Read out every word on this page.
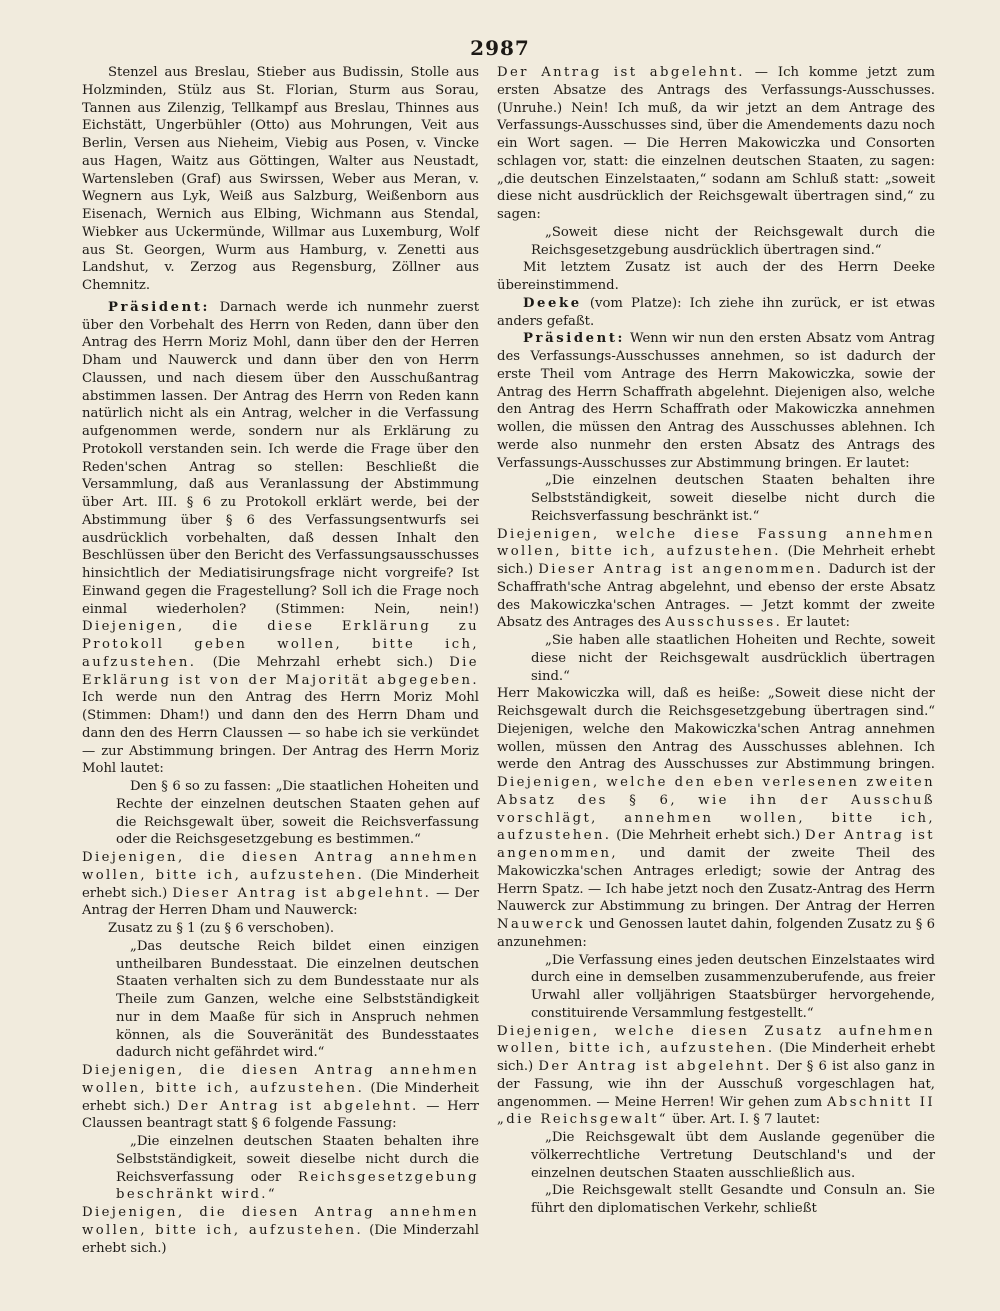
2987

Stenzel aus Breslau, Stieber aus Budissin, Stolle aus Holzminden, Stülz aus St. Florian, Sturm aus Sorau, Tannen aus Zilenzig, Tellkampf aus Breslau, Thinnes aus Eichstätt, Ungerbühler (Otto) aus Mohrungen, Veit aus Berlin, Versen aus Nieheim, Viebig aus Posen, v. Vincke aus Hagen, Waitz aus Göttingen, Walter aus Neustadt, Wartensleben (Graf) aus Swirssen, Weber aus Meran, v. Wegnern aus Lyk, Weiß aus Salzburg, Weißenborn aus Eisenach, Wernich aus Elbing, Wichmann aus Stendal, Wiebker aus Uckermünde, Willmar aus Luxemburg, Wolf aus St. Georgen, Wurm aus Hamburg, v. Zenetti aus Landshut, v. Zerzog aus Regensburg, Zöllner aus Chemnitz.

Präsident: Darnach werde ich nunmehr zuerst über den Vorbehalt des Herrn von Reden, dann über den Antrag des Herrn Moriz Mohl, dann über den der Herren Dham und Nauwerck und dann über den von Herrn Claussen, und nach diesem über den Ausschußantrag abstimmen lassen. Der Antrag des Herrn von Reden kann natürlich nicht als ein Antrag, welcher in die Verfassung aufgenommen werde, sondern nur als Erklärung zu Protokoll verstanden sein. Ich werde die Frage über den Reden'schen Antrag so stellen: Beschließt die Versammlung, daß aus Veranlassung der Abstimmung über Art. III. § 6 zu Protokoll erklärt werde, bei der Abstimmung über § 6 des Verfassungsentwurfs sei ausdrücklich vorbehalten, daß dessen Inhalt den Beschlüssen über den Bericht des Verfassungsausschusses hinsichtlich der Mediatisirungsfrage nicht vorgreife? Ist Einwand gegen die Fragestellung? Soll ich die Frage noch einmal wiederholen? (Stimmen: Nein, nein!) Diejenigen, die diese Erklärung zu Protokoll geben wollen, bitte ich, aufzustehen. (Die Mehrzahl erhebt sich.) Die Erklärung ist von der Majorität abgegeben. Ich werde nun den Antrag des Herrn Moriz Mohl (Stimmen: Dham!) und dann den des Herrn Dham und dann den des Herrn Claussen — so habe ich sie verkündet — zur Abstimmung bringen. Der Antrag des Herrn Moriz Mohl lautet:

Den § 6 so zu fassen: „Die staatlichen Hoheiten und Rechte der einzelnen deutschen Staaten gehen auf die Reichsgewalt über, soweit die Reichsverfassung oder die Reichsgesetzgebung es bestimmen.“

Diejenigen, die diesen Antrag annehmen wollen, bitte ich, aufzustehen. (Die Minderheit erhebt sich.) Dieser Antrag ist abgelehnt. — Der Antrag der Herren Dham und Nauwerck:

Zusatz zu § 1 (zu § 6 verschoben).

„Das deutsche Reich bildet einen einzigen untheilbaren Bundesstaat. Die einzelnen deutschen Staaten verhalten sich zu dem Bundesstaate nur als Theile zum Ganzen, welche eine Selbstständigkeit nur in dem Maaße für sich in Anspruch nehmen können, als die Souveränität des Bundesstaates dadurch nicht gefährdet wird.“

Diejenigen, die diesen Antrag annehmen wollen, bitte ich, aufzustehen. (Die Minderheit erhebt sich.) Der Antrag ist abgelehnt. — Herr Claussen beantragt statt § 6 folgende Fassung:

„Die einzelnen deutschen Staaten behalten ihre Selbstständigkeit, soweit dieselbe nicht durch die Reichsverfassung oder Reichsgesetzgebung beschränkt wird.“

Diejenigen, die diesen Antrag annehmen wollen, bitte ich, aufzustehen. (Die Minderzahl erhebt sich.)

Der Antrag ist abgelehnt. — Ich komme jetzt zum ersten Absatze des Antrags des Verfassungs-Ausschusses. (Unruhe.) Nein! Ich muß, da wir jetzt an dem Antrage des Verfassungs-Ausschusses sind, über die Amendements dazu noch ein Wort sagen. — Die Herren Makowiczka und Consorten schlagen vor, statt: die einzelnen deutschen Staaten, zu sagen: „die deutschen Einzelstaaten,“ sodann am Schluß statt: „soweit diese nicht ausdrücklich der Reichsgewalt übertragen sind,“ zu sagen:

„Soweit diese nicht der Reichsgewalt durch die Reichsgesetzgebung ausdrücklich übertragen sind.“

Mit letztem Zusatz ist auch der des Herrn Deeke übereinstimmend.

Deeke (vom Platze): Ich ziehe ihn zurück, er ist etwas anders gefaßt.

Präsident: Wenn wir nun den ersten Absatz vom Antrag des Verfassungs-Ausschusses annehmen, so ist dadurch der erste Theil vom Antrage des Herrn Makowiczka, sowie der Antrag des Herrn Schaffrath abgelehnt. Diejenigen also, welche den Antrag des Herrn Schaffrath oder Makowiczka annehmen wollen, die müssen den Antrag des Ausschusses ablehnen. Ich werde also nunmehr den ersten Absatz des Antrags des Verfassungs-Ausschusses zur Abstimmung bringen. Er lautet:

„Die einzelnen deutschen Staaten behalten ihre Selbstständigkeit, soweit dieselbe nicht durch die Reichsverfassung beschränkt ist.“

Diejenigen, welche diese Fassung annehmen wollen, bitte ich, aufzustehen. (Die Mehrheit erhebt sich.) Dieser Antrag ist angenommen. Dadurch ist der Schaffrath'sche Antrag abgelehnt, und ebenso der erste Absatz des Makowiczka'schen Antrages. — Jetzt kommt der zweite Absatz des Antrages des Ausschusses. Er lautet:

„Sie haben alle staatlichen Hoheiten und Rechte, soweit diese nicht der Reichsgewalt ausdrücklich übertragen sind.“

Herr Makowiczka will, daß es heiße: „Soweit diese nicht der Reichsgewalt durch die Reichsgesetzgebung übertragen sind.“ Diejenigen, welche den Makowiczka'schen Antrag annehmen wollen, müssen den Antrag des Ausschusses ablehnen. Ich werde den Antrag des Ausschusses zur Abstimmung bringen. Diejenigen, welche den eben verlesenen zweiten Absatz des § 6, wie ihn der Ausschuß vorschlägt, annehmen wollen, bitte ich, aufzustehen. (Die Mehrheit erhebt sich.) Der Antrag ist angenommen, und damit der zweite Theil des Makowiczka'schen Antrages erledigt; sowie der Antrag des Herrn Spatz. — Ich habe jetzt noch den Zusatz-Antrag des Herrn Nauwerck zur Abstimmung zu bringen. Der Antrag der Herren Nauwerck und Genossen lautet dahin, folgenden Zusatz zu § 6 anzunehmen:

„Die Verfassung eines jeden deutschen Einzelstaates wird durch eine in demselben zusammenzuberufende, aus freier Urwahl aller volljährigen Staatsbürger hervorgehende, constituirende Versammlung festgestellt.“

Diejenigen, welche diesen Zusatz aufnehmen wollen, bitte ich, aufzustehen. (Die Minderheit erhebt sich.) Der Antrag ist abgelehnt. Der § 6 ist also ganz in der Fassung, wie ihn der Ausschuß vorgeschlagen hat, angenommen. — Meine Herren! Wir gehen zum Abschnitt II „die Reichsgewalt“ über. Art. I. § 7 lautet:

„Die Reichsgewalt übt dem Auslande gegenüber die völkerrechtliche Vertretung Deutschland's und der einzelnen deutschen Staaten ausschließlich aus.

„Die Reichsgewalt stellt Gesandte und Consuln an. Sie führt den diplomatischen Verkehr, schließt
